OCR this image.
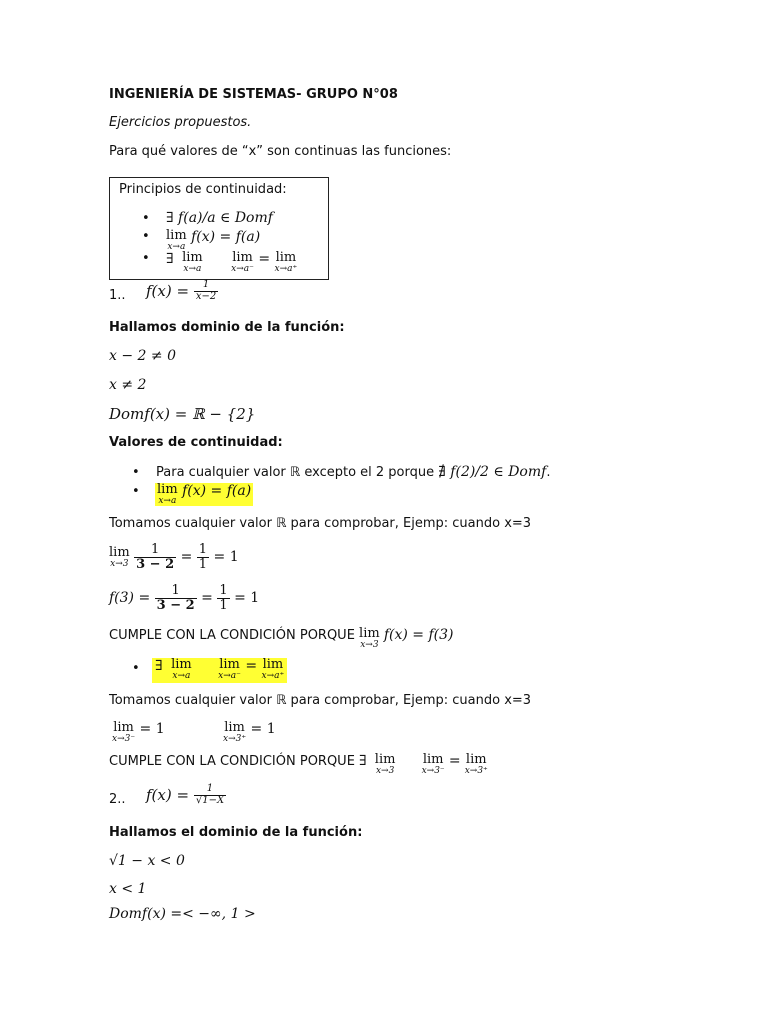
INGENIERÍA DE SISTEMAS- GRUPO N°08
Ejercicios propuestos.
Para qué valores de “x” son continuas las funciones:
Principios de continuidad:
• ∃ f(a)/a ∈ Domf
• lim
x→a
f(x) = f(a)
• ∃ lim
x→a

lim
x→a⁻
= lim
x→a⁺
1.. $f(x) = \frac{1}{x-2}$
Hallamos dominio de la función:
x − 2 ≠ 0
x ≠ 2
Domf(x) = ℝ − {2}
Valores de continuidad:
• Para cualquier valor ℝ excepto el 2 porque ∄ f(2)/2 ∈ Domf.
• lim
x→a
f(x) = f(a)
Tomamos cualquier valor ℝ para comprobar, Ejemp: cuando x=3
lim
x→3
$\frac{1}{3 - 2} = \frac{1}{1} = 1$
$f(3) = \frac{1}{3 - 2} = \frac{1}{1} = 1$
CUMPLE CON LA CONDICIÓN PORQUE lim
x→3
f(x) = f(3)
• ∃ lim
x→a

lim
x→a⁻
= lim
x→a⁺
Tomamos cualquier valor ℝ para comprobar, Ejemp: cuando x=3
lim
x→3⁻
= 1	lim
x→3⁺
= 1
CUMPLE CON LA CONDICIÓN PORQUE ∃ lim
x→3

lim
x→3⁻
= lim
x→3⁺
2.. $f(x) = \frac{1}{√1-X}$
Hallamos el dominio de la función:
√1 − x < 0
x < 1
Domf(x) =< −∞, 1 >
